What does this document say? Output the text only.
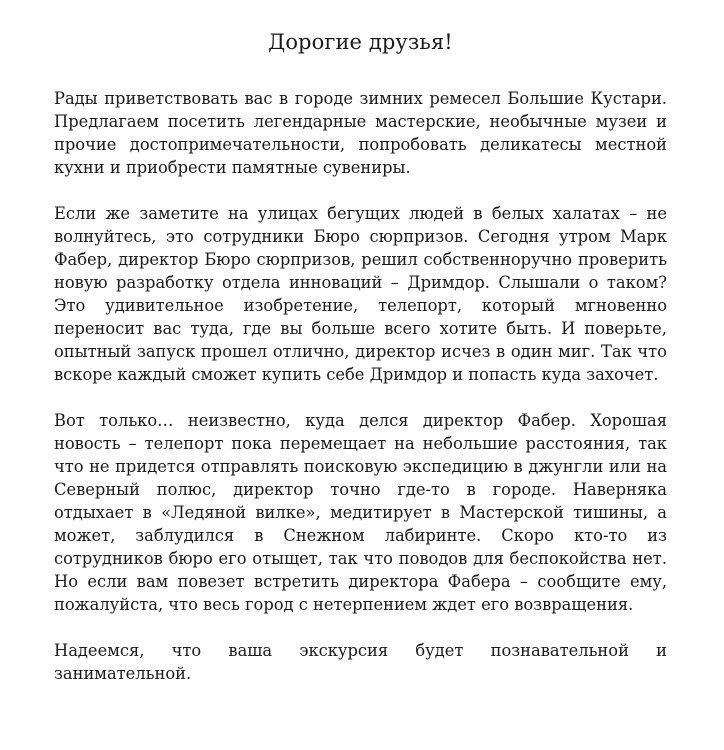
Дорогие друзья!

Рады приветствовать вас в городе зимних ремесел Большие Кустари. Предлагаем посетить легендарные мастерские, необычные музеи и прочие достопримечательности, попробовать деликатесы местной кухни и приобрести памятные сувениры.

Если же заметите на улицах бегущих людей в белых халатах – не волнуйтесь, это сотрудники Бюро сюрпризов. Сегодня утром Марк Фабер, директор Бюро сюрпризов, решил собственноручно проверить новую разработку отдела инноваций – Дримдор. Слышали о таком? Это удивительное изобретение, телепорт, который мгновенно переносит вас туда, где вы больше всего хотите быть. И поверьте, опытный запуск прошел отлично, директор исчез в один миг. Так что вскоре каждый сможет купить себе Дримдор и попасть куда захочет.

Вот только… неизвестно, куда делся директор Фабер. Хорошая новость – телепорт пока перемещает на небольшие расстояния, так что не придется отправлять поисковую экспедицию в джунгли или на Северный полюс, директор точно где-то в городе. Наверняка отдыхает в «Ледяной вилке», медитирует в Мастерской тишины, а может, заблудился в Снежном лабиринте. Скоро кто-то из сотрудников бюро его отыщет, так что поводов для беспокойства нет. Но если вам повезет встретить директора Фабера – сообщите ему, пожалуйста, что весь город с нетерпением ждет его возвращения.

Надеемся, что ваша экскурсия будет познавательной и занимательной.
